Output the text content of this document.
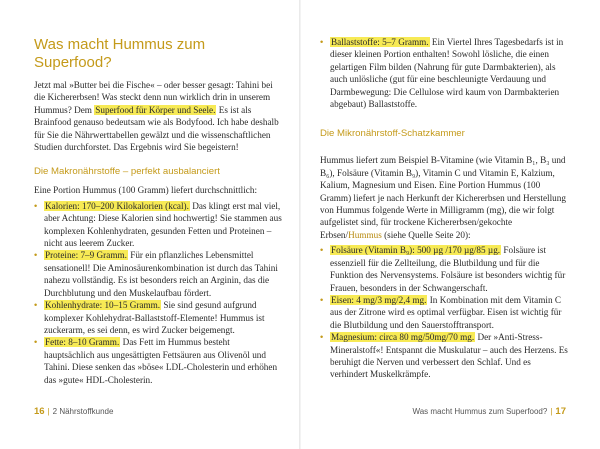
Was macht Hummus zum Superfood?

Jetzt mal »Butter bei die Fische« – oder besser gesagt: Tahini bei die Kichererbsen! Was steckt denn nun wirklich drin in unserem Hummus? Dem Superfood für Körper und Seele. Es ist als Brainfood genauso bedeutsam wie als Bodyfood. Ich habe deshalb für Sie die Nährwerttabellen gewälzt und die wissenschaftlichen Studien durchforstet. Das Ergebnis wird Sie begeistern!

Die Makronährstoffe – perfekt ausbalanciert

Eine Portion Hummus (100 Gramm) liefert durchschnittlich:

• Kalorien: 170–200 Kilokalorien (kcal). Das klingt erst mal viel, aber Achtung: Diese Kalorien sind hochwertig! Sie stammen aus komplexen Kohlenhydraten, gesunden Fetten und Proteinen – nicht aus leerem Zucker.
• Proteine: 7–9 Gramm. Für ein pflanzliches Lebensmittel sensationell! Die Aminosäurenkombination ist durch das Tahini nahezu vollständig. Es ist besonders reich an Arginin, das die Durchblutung und den Muskelaufbau fördert.
• Kohlenhydrate: 10–15 Gramm. Sie sind gesund aufgrund komplexer Kohlehydrat-Ballaststoff-Elemente! Hummus ist zuckerarm, es sei denn, es wird Zucker beigemengt.
• Fette: 8–10 Gramm. Das Fett im Hummus besteht hauptsächlich aus ungesättigten Fettsäuren aus Olivenöl und Tahini. Diese senken das »böse« LDL-Cholesterin und erhöhen das »gute« HDL-Cholesterin.
16 | 2 Nährstoffkunde
• Ballaststoffe: 5–7 Gramm. Ein Viertel Ihres Tagesbedarfs ist in dieser kleinen Portion enthalten! Sowohl lösliche, die einen gelartigen Film bilden (Nahrung für gute Darmbakterien), als auch unlösliche (gut für eine beschleunigte Verdauung und Darmbewegung: Die Cellulose wird kaum von Darmbakterien abgebaut) Ballaststoffe.
Die Mikronährstoff-Schatzkammer

Hummus liefert zum Beispiel B-Vitamine (wie Vitamin B₁, B₃ und B₆), Folsäure (Vitamin B₉), Vitamin C und Vitamin E, Kalzium, Kalium, Magnesium und Eisen. Eine Portion Hummus (100 Gramm) liefert je nach Herkunft der Kichererbsen und Herstellung von Hummus folgende Werte in Milligramm (mg), die wir folgt aufgelistet sind, für trockene Kichererbsen/gekochte Erbsen/Hummus (siehe Quelle Seite 20):

• Folsäure (Vitamin B₉): 500 µg /170 µg/85 µg. Folsäure ist essenziell für die Zellteilung, die Blutbildung und für die Funktion des Nervensystems. Folsäure ist besonders wichtig für Frauen, besonders in der Schwangerschaft.
• Eisen: 4 mg/3 mg/2,4 mg. In Kombination mit dem Vitamin C aus der Zitrone wird es optimal verfügbar. Eisen ist wichtig für die Blutbildung und den Sauerstofftransport.
• Magnesium: circa 80 mg/50mg/70 mg. Der »Anti-Stress-Mineralstoff«! Entspannt die Muskulatur – auch des Herzens. Es beruhigt die Nerven und verbessert den Schlaf. Und es verhindert Muskelkrämpfe.
Was macht Hummus zum Superfood? | 17
